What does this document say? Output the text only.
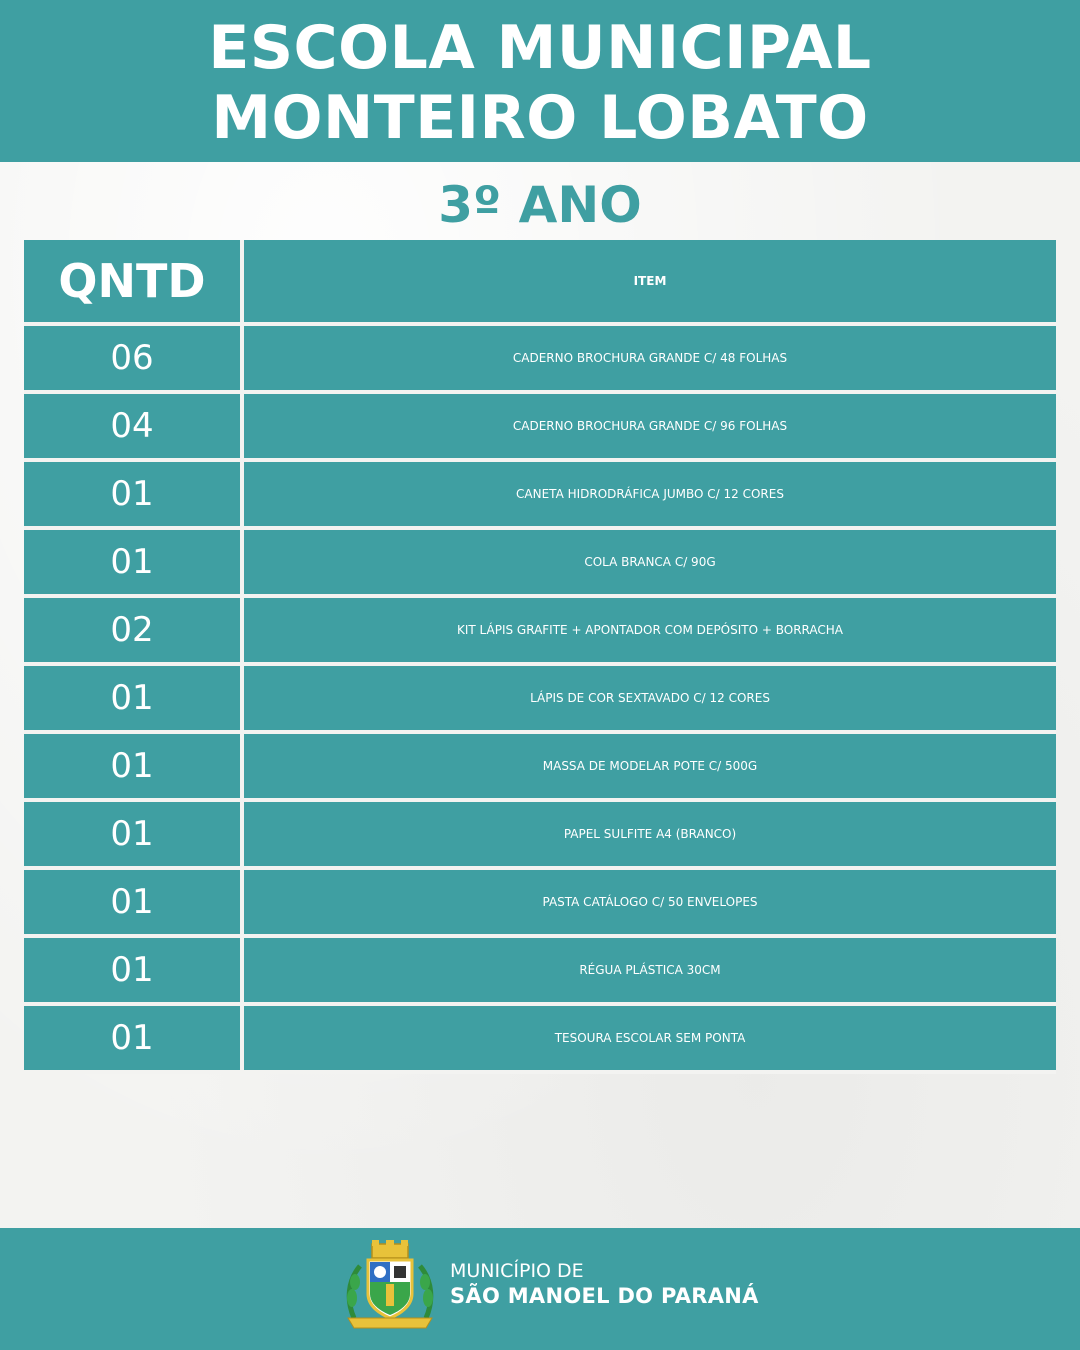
ESCOLA MUNICIPAL
MONTEIRO LOBATO
3º ANO
QNTD	ITEM
06	CADERNO BROCHURA GRANDE C/ 48 FOLHAS
04	CADERNO BROCHURA GRANDE C/ 96 FOLHAS
01	CANETA HIDRODRÁFICA JUMBO C/ 12 CORES
01	COLA BRANCA C/ 90G
02	KIT LÁPIS GRAFITE + APONTADOR COM DEPÓSITO + BORRACHA
01	LÁPIS DE COR SEXTAVADO C/ 12 CORES
01	MASSA DE MODELAR POTE C/ 500G
01	PAPEL SULFITE A4 (BRANCO)
01	PASTA CATÁLOGO C/ 50 ENVELOPES
01	RÉGUA PLÁSTICA 30CM
01	TESOURA ESCOLAR SEM PONTA
MUNICÍPIO DE
SÃO MANOEL DO PARANÁ
